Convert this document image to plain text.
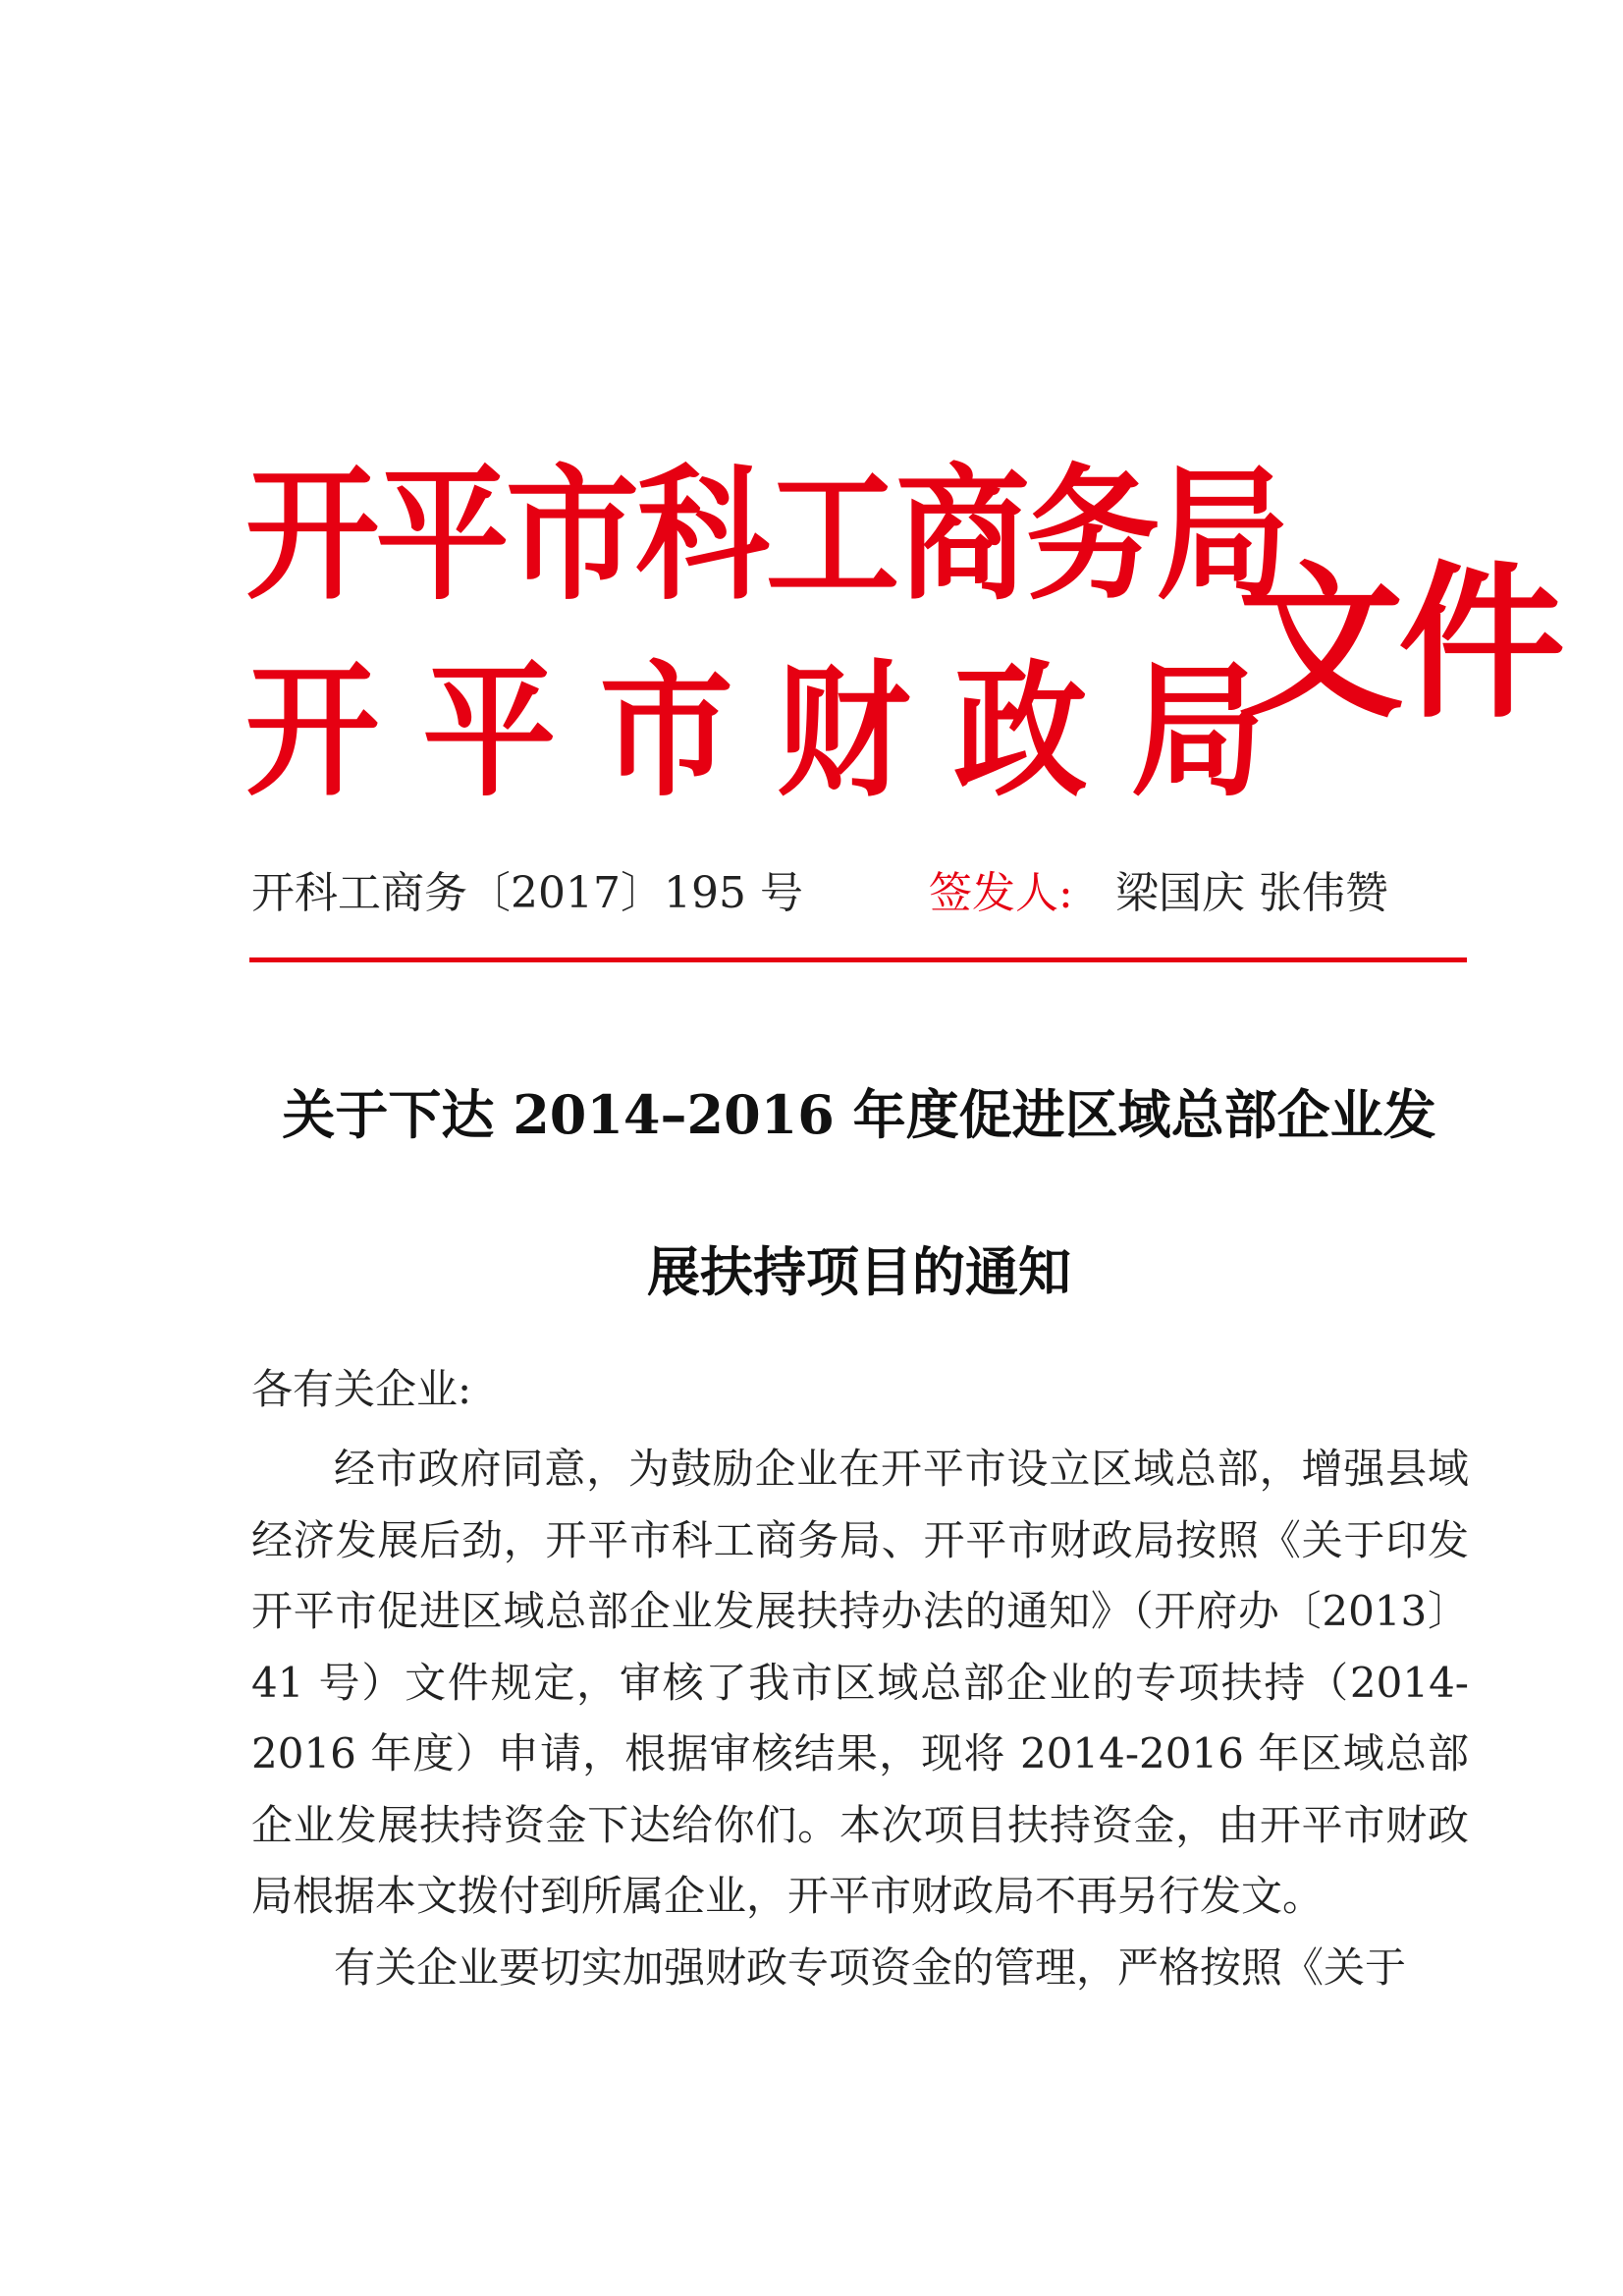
开平市科工商务局
开平市财政局
文件
开科工商务〔2017〕195 号	签发人: 梁国庆 张伟赞
关于下达 2014–2016 年度促进区域总部企业发
展扶持项目的通知
各有关企业:

经市政府同意，为鼓励企业在开平市设立区域总部，增强县域经济发展后劲，开平市科工商务局、开平市财政局按照《关于印发开平市促进区域总部企业发展扶持办法的通知》（开府办〔2013〕41 号）文件规定，审核了我市区域总部企业的专项扶持（2014-2016 年度）申请，根据审核结果，现将 2014-2016 年区域总部企业发展扶持资金下达给你们。本次项目扶持资金，由开平市财政局根据本文拨付到所属企业，开平市财政局不再另行发文。

有关企业要切实加强财政专项资金的管理，严格按照《关于
